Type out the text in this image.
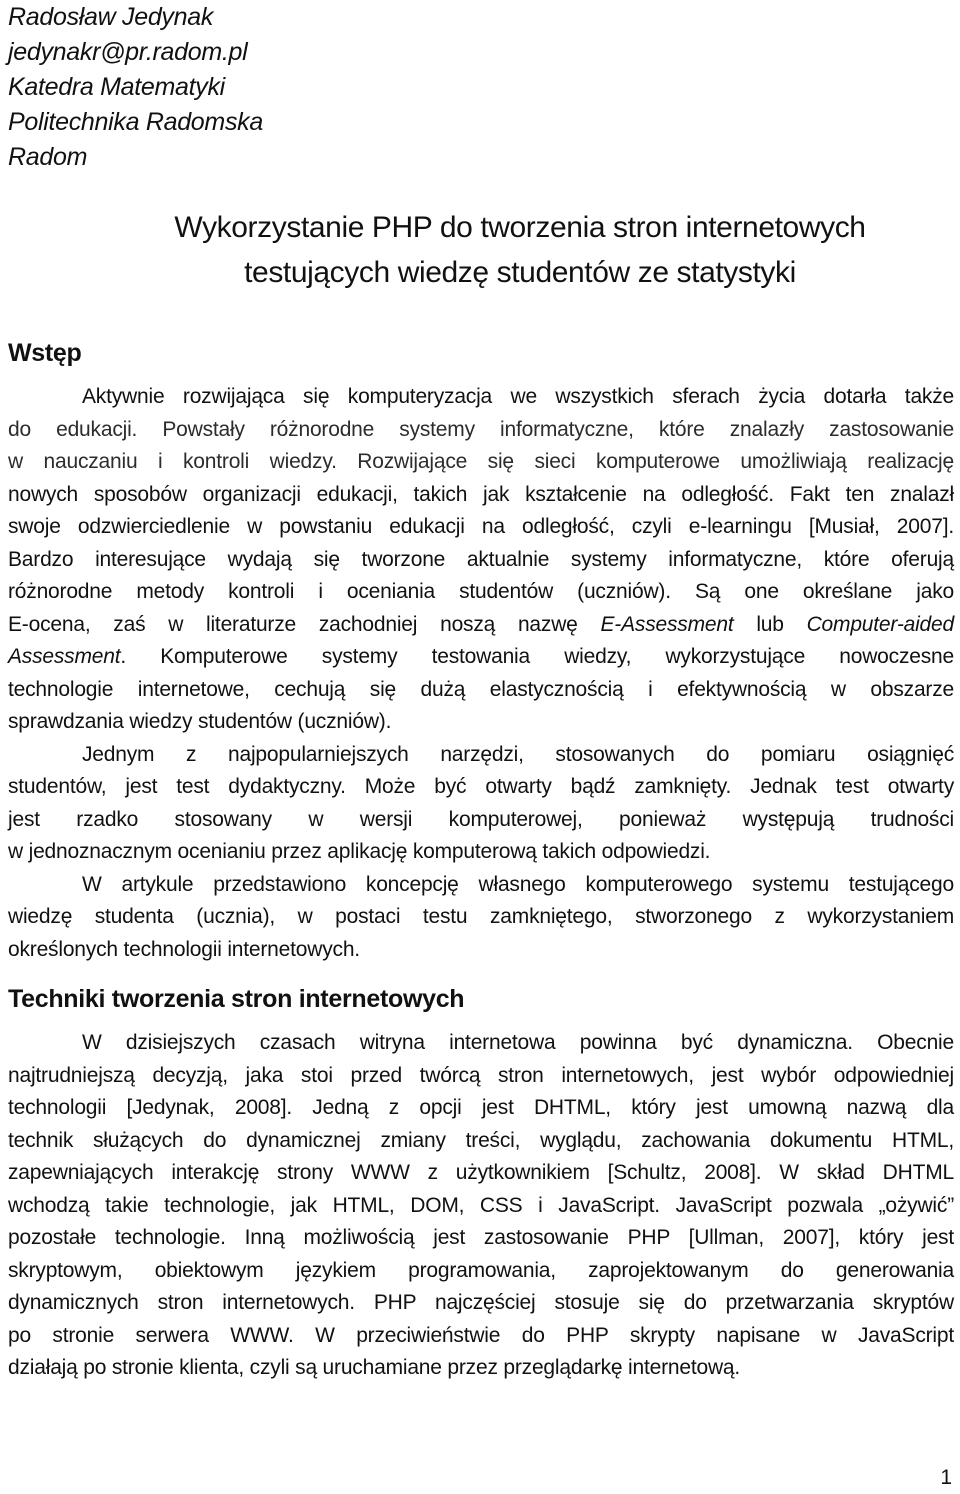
Radosław Jedynak
jedynakr@pr.radom.pl
Katedra Matematyki
Politechnika Radomska
Radom
Wykorzystanie PHP do tworzenia stron internetowych
testujących wiedzę studentów ze statystyki
Wstęp
Aktywnie rozwijająca się komputeryzacja we wszystkich sferach życia dotarła także
do edukacji. Powstały różnorodne systemy informatyczne, które znalazły zastosowanie
w nauczaniu i kontroli wiedzy. Rozwijające się sieci komputerowe umożliwiają realizację
nowych sposobów organizacji edukacji, takich jak kształcenie na odległość. Fakt ten znalazł
swoje odzwierciedlenie w powstaniu edukacji na odległość, czyli e-learningu [Musiał, 2007].
Bardzo interesujące wydają się tworzone aktualnie systemy informatyczne, które oferują
różnorodne metody kontroli i oceniania studentów (uczniów). Są one określane jako
E-ocena, zaś w literaturze zachodniej noszą nazwę E-Assessment lub Computer-aided
Assessment. Komputerowe systemy testowania wiedzy, wykorzystujące nowoczesne
technologie internetowe, cechują się dużą elastycznością i efektywnością w obszarze
sprawdzania wiedzy studentów (uczniów).
Jednym z najpopularniejszych narzędzi, stosowanych do pomiaru osiągnięć
studentów, jest test dydaktyczny. Może być otwarty bądź zamknięty. Jednak test otwarty
jest rzadko stosowany w wersji komputerowej, ponieważ występują trudności
w jednoznacznym ocenianiu przez aplikację komputerową takich odpowiedzi.
W artykule przedstawiono koncepcję własnego komputerowego systemu testującego
wiedzę studenta (ucznia), w postaci testu zamkniętego, stworzonego z wykorzystaniem
określonych technologii internetowych.
Techniki tworzenia stron internetowych
W dzisiejszych czasach witryna internetowa powinna być dynamiczna. Obecnie
najtrudniejszą decyzją, jaka stoi przed twórcą stron internetowych, jest wybór odpowiedniej
technologii [Jedynak, 2008]. Jedną z opcji jest DHTML, który jest umowną nazwą dla
technik służących do dynamicznej zmiany treści, wyglądu, zachowania dokumentu HTML,
zapewniających interakcję strony WWW z użytkownikiem [Schultz, 2008]. W skład DHTML
wchodzą takie technologie, jak HTML, DOM, CSS i JavaScript. JavaScript pozwala „ożywić”
pozostałe technologie. Inną możliwością jest zastosowanie PHP [Ullman, 2007], który jest
skryptowym, obiektowym językiem programowania, zaprojektowanym do generowania
dynamicznych stron internetowych. PHP najczęściej stosuje się do przetwarzania skryptów
po stronie serwera WWW. W przeciwieństwie do PHP skrypty napisane w JavaScript
działają po stronie klienta, czyli są uruchamiane przez przeglądarkę internetową.
1
